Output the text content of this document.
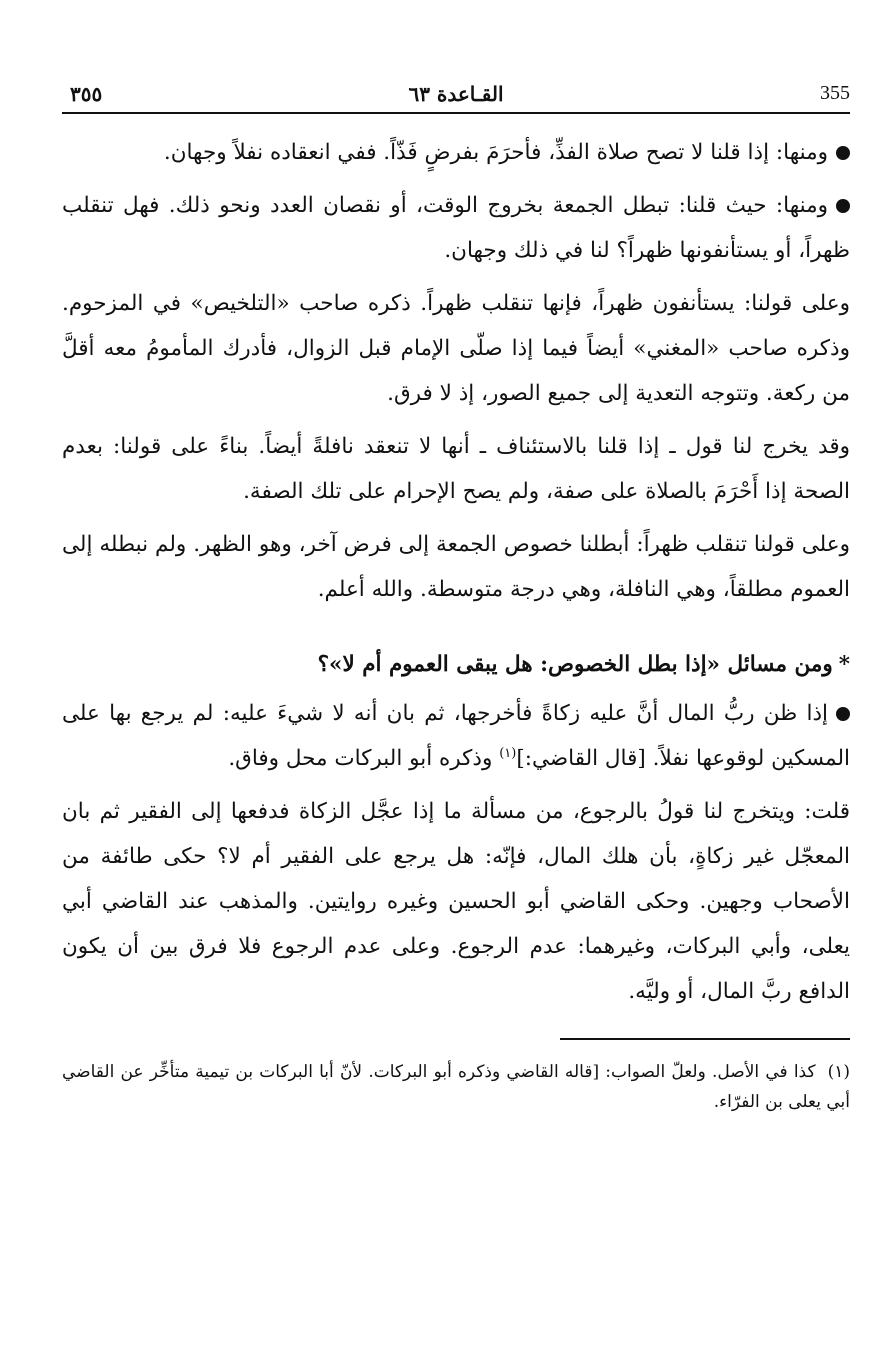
٣٥٥	القـاعدة ٦٣	355

ومنها: إذا قلنا لا تصح صلاة الفذِّ، فأحرَمَ بفرضٍ فَذّاً. ففي انعقاده نفلاً وجهان.

ومنها: حيث قلنا: تبطل الجمعة بخروج الوقت، أو نقصان العدد ونحو ذلك. فهل تنقلب ظهراً، أو يستأنفونها ظهراً؟ لنا في ذلك وجهان.

وعلى قولنا: يستأنفون ظهراً، فإنها تنقلب ظهراً. ذكره صاحب «التلخيص» في المزحوم. وذكره صاحب «المغني» أيضاً فيما إذا صلّى الإمام قبل الزوال، فأدرك المأمومُ معه أقلَّ من ركعة. وتتوجه التعدية إلى جميع الصور، إذ لا فرق.

وقد يخرج لنا قول ـ إذا قلنا بالاستئناف ـ أنها لا تنعقد نافلةً أيضاً. بناءً على قولنا: بعدم الصحة إذا أَحْرَمَ بالصلاة على صفة، ولم يصح الإحرام على تلك الصفة.

وعلى قولنا تنقلب ظهراً: أبطلنا خصوص الجمعة إلى فرض آخر، وهو الظهر. ولم نبطله إلى العموم مطلقاً، وهي النافلة، وهي درجة متوسطة. والله أعلم.

*ومن مسائل «إذا بطل الخصوص: هل يبقى العموم أم لا»؟

إذا ظن ربُّ المال أنَّ عليه زكاةً فأخرجها، ثم بان أنه لا شيءَ عليه: لم يرجع بها على المسكين لوقوعها نفلاً. [قال القاضي:]$^{(١)}$ وذكره أبو البركات محل وفاق.

قلت: ويتخرج لنا قولُ بالرجوع، من مسألة ما إذا عجَّل الزكاة فدفعها إلى الفقير ثم بان المعجّل غير زكاةٍ، بأن هلك المال، فإنّه: هل يرجع على الفقير أم لا؟ حكى طائفة من الأصحاب وجهين. وحكى القاضي أبو الحسين وغيره روايتين. والمذهب عند القاضي أبي يعلى، وأبي البركات، وغيرهما: عدم الرجوع. وعلى عدم الرجوع فلا فرق بين أن يكون الدافع ربَّ المال، أو وليَّه.

(١)كذا في الأصل. ولعلّ الصواب: [قاله القاضي وذكره أبو البركات. لأنّ أبا البركات بن تيمية متأخِّر عن القاضي أبي يعلى بن الفرّاء.
